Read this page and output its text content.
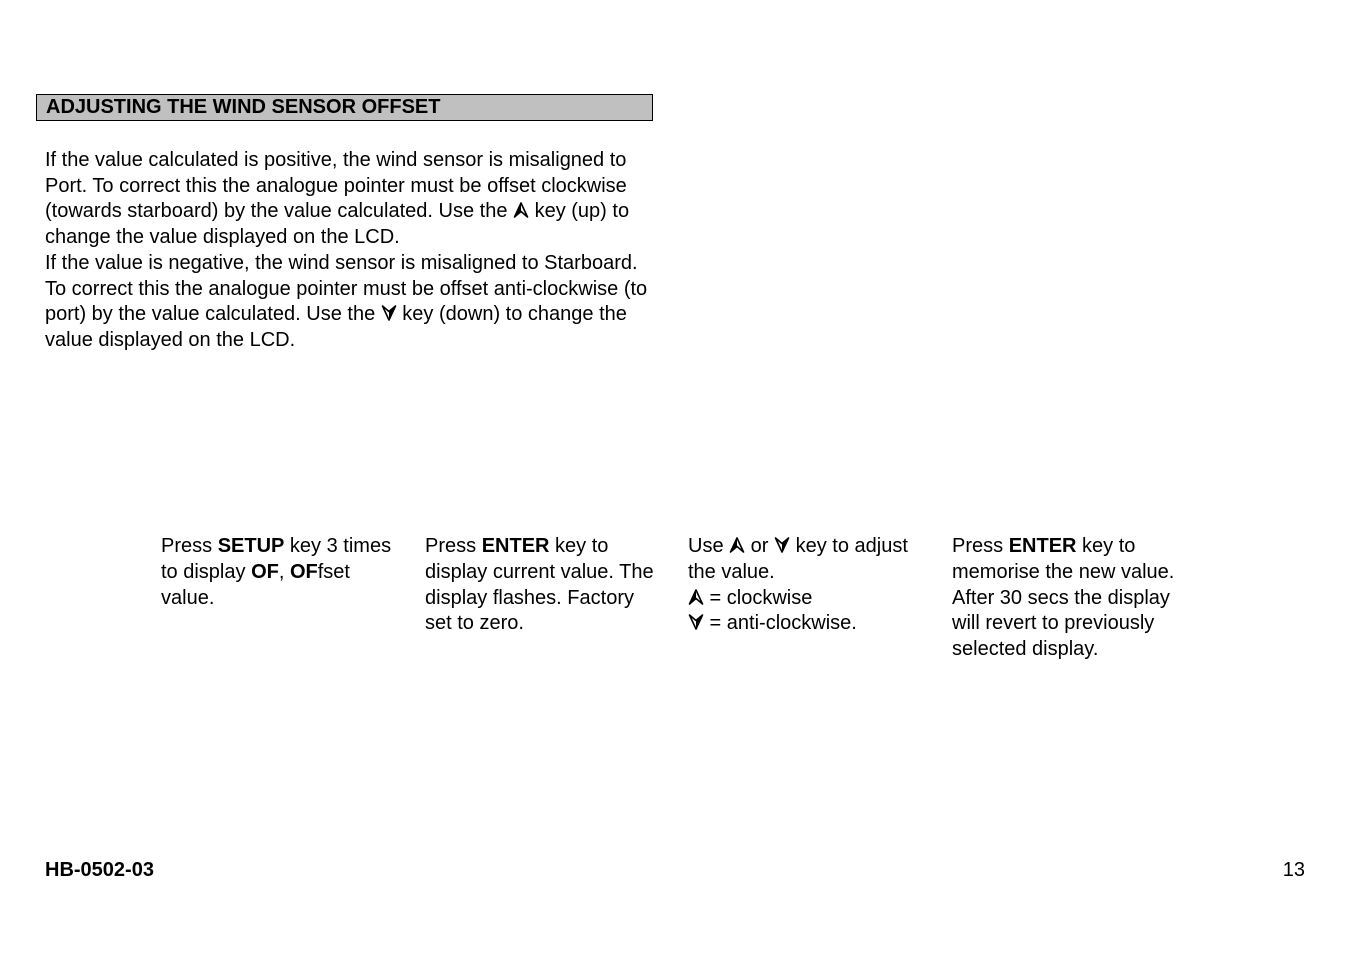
ADJUSTING THE WIND SENSOR OFFSET

If the value calculated is positive, the wind sensor is misaligned to Port. To correct this the analogue pointer must be offset clockwise (towards starboard) by the value calculated. Use the
key (up) to change the value displayed on the LCD.

If the value is negative, the wind sensor is misaligned to Starboard. To correct this the analogue pointer must be offset anti-clockwise (to port) by the value calculated. Use the
key (down) to change the value displayed on the LCD.

Press SETUP key 3 times to display OF, OFfset value.

Press ENTER key to display current value. The display flashes. Factory set to zero.

Use
or
key to adjust the value.

= clockwise

= anti-clockwise.

Press ENTER key to memorise the new value. After 30 secs the display will revert to previously selected display.

HB-0502-03	13
